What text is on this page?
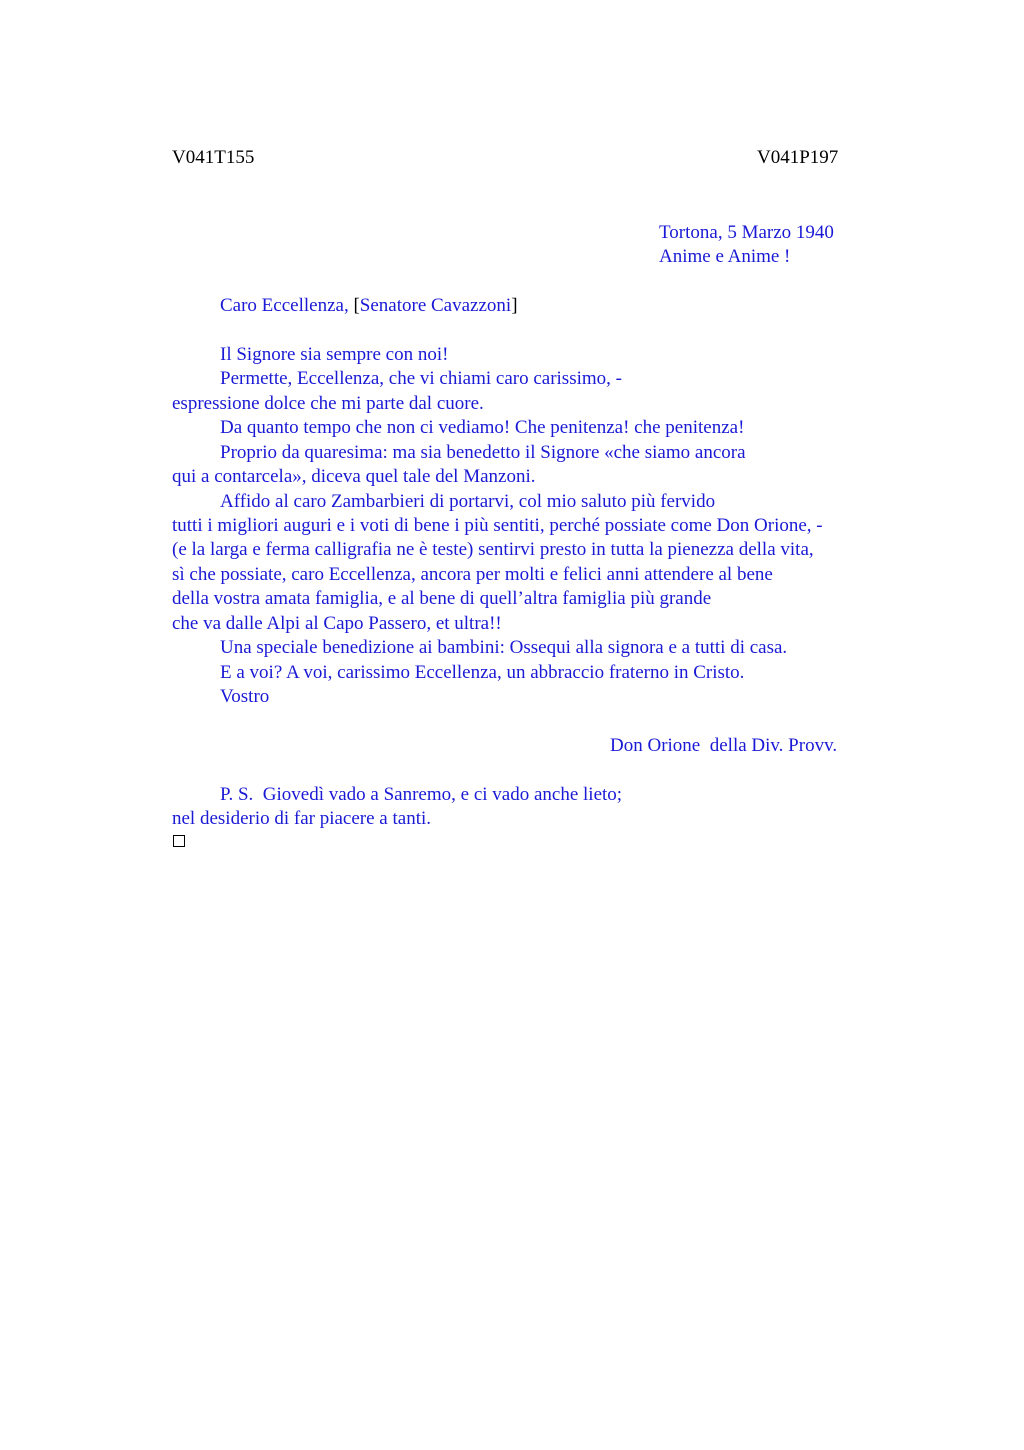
V041T155	V041P197
Tortona, 5 Marzo 1940
Anime e Anime !
Caro Eccellenza, [Senatore Cavazzoni]
Il Signore sia sempre con noi!
Permette, Eccellenza, che vi chiami caro carissimo, -
espressione dolce che mi parte dal cuore.
Da quanto tempo che non ci vediamo! Che penitenza! che penitenza!
Proprio da quaresima: ma sia benedetto il Signore «che siamo ancora
qui a contarcela», diceva quel tale del Manzoni.
Affido al caro Zambarbieri di portarvi, col mio saluto più fervido
tutti i migliori auguri e i voti di bene i più sentiti, perché possiate come Don Orione, -
(e la larga e ferma calligrafia ne è teste) sentirvi presto in tutta la pienezza della vita,
sì che possiate, caro Eccellenza, ancora per molti e felici anni attendere al bene
della vostra amata famiglia, e al bene di quell’altra famiglia più grande
che va dalle Alpi al Capo Passero, et ultra!!
Una speciale benedizione ai bambini: Ossequi alla signora e a tutti di casa.
E a voi? A voi, carissimo Eccellenza, un abbraccio fraterno in Cristo.
Vostro
Don Orione  della Div. Provv.
P. S.  Giovedì vado a Sanremo, e ci vado anche lieto;
nel desiderio di far piacere a tanti.
